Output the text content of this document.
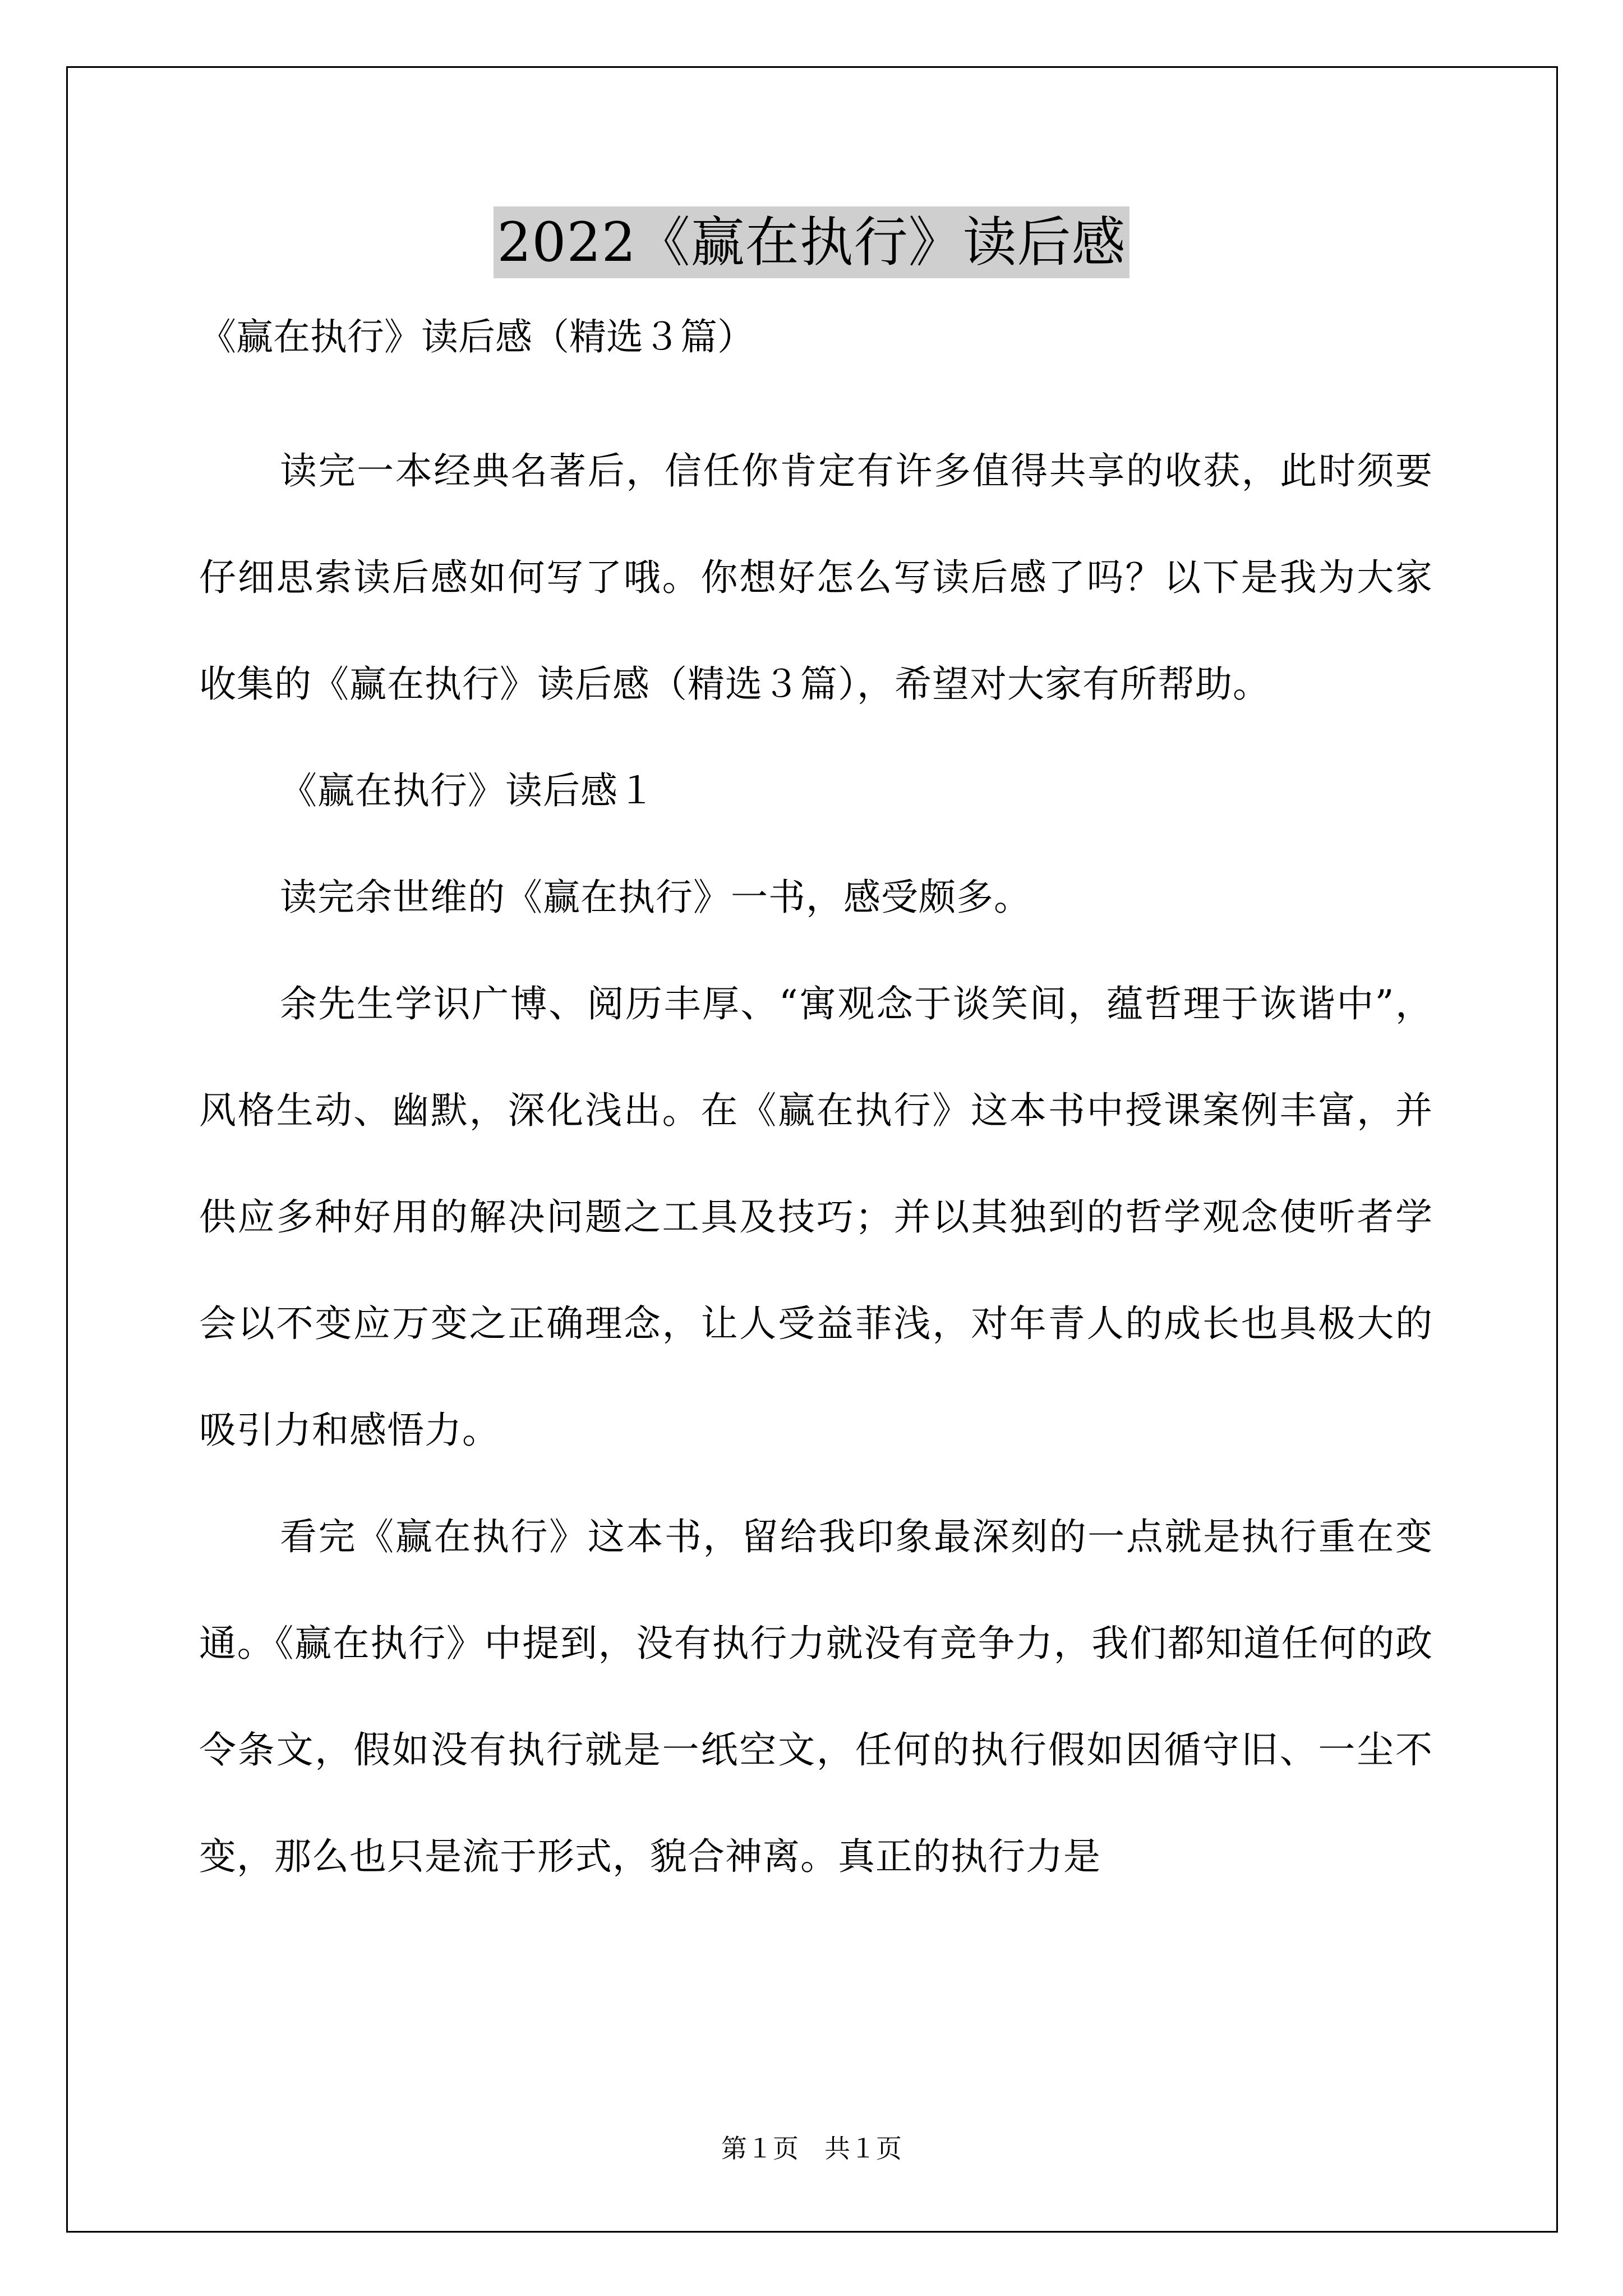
2022《赢在执行》读后感
《赢在执行》读后感（精选３篇）

读完一本经典名著后，信任你肯定有许多值得共享的收获，此时须要仔细思索读后感如何写了哦。你想好怎么写读后感了吗？以下是我为大家收集的《赢在执行》读后感（精选３篇），希望对大家有所帮助。

《赢在执行》读后感１

读完余世维的《赢在执行》一书，感受颇多。

余先生学识广博、阅历丰厚、“寓观念于谈笑间，蕴哲理于诙谐中”，风格生动、幽默，深化浅出。在《赢在执行》这本书中授课案例丰富，并供应多种好用的解决问题之工具及技巧；并以其独到的哲学观念使听者学会以不变应万变之正确理念，让人受益菲浅，对年青人的成长也具极大的吸引力和感悟力。

看完《赢在执行》这本书，留给我印象最深刻的一点就是执行重在变通。《赢在执行》中提到，没有执行力就没有竞争力，我们都知道任何的政令条文，假如没有执行就是一纸空文，任何的执行假如因循守旧、一尘不变，那么也只是流于形式，貌合神离。真正的执行力是

第１页　共１页
